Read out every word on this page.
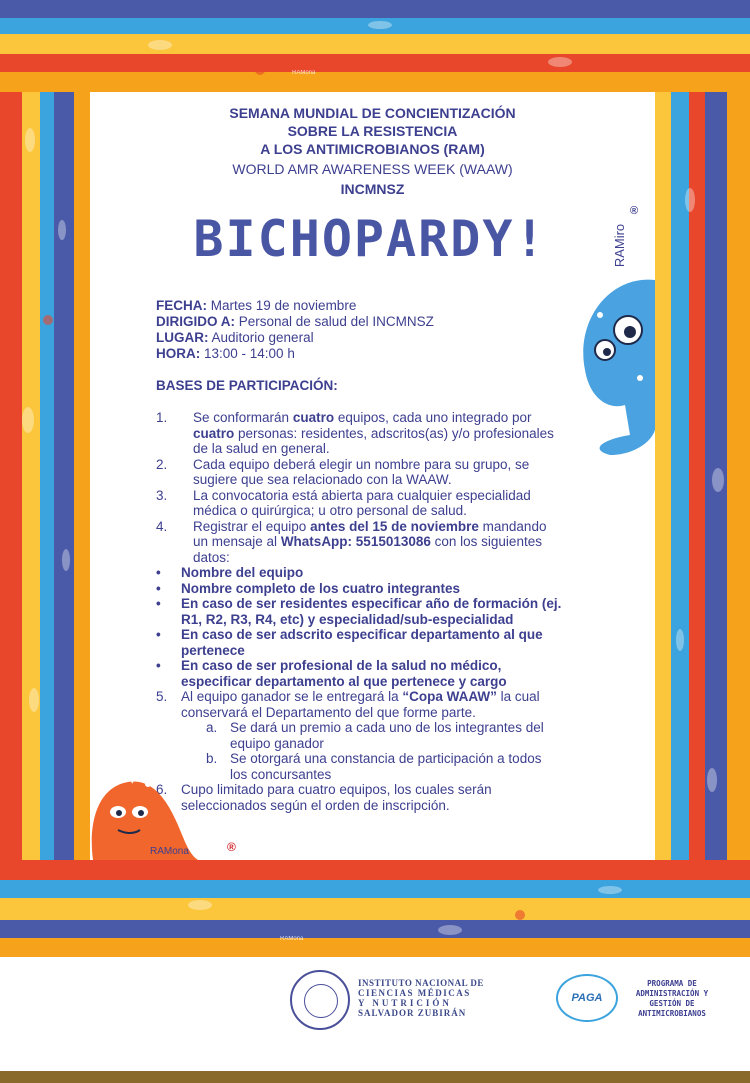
RAMona
RAMona
SEMANA MUNDIAL DE CONCIENTIZACIÓN
SOBRE LA RESISTENCIA
A LOS ANTIMICROBIANOS (RAM)
WORLD AMR AWARENESS WEEK (WAAW)
INCMNSZ
BICHOPARDY!	RAMiro
®
FECHA: Martes 19 de noviembre
DIRIGIDO A: Personal de salud del INCMNSZ
LUGAR: Auditorio general
HORA: 13:00 - 14:00 h
BASES DE PARTICIPACIÓN:
1. Se conformarán cuatro equipos, cada uno integrado por
cuatro personas: residentes, adscritos(as) y/o profesionales
de la salud en general.
2. Cada equipo deberá elegir un nombre para su grupo, se
sugiere que sea relacionado con la WAAW.
3. La convocatoria está abierta para cualquier especialidad
médica o quirúrgica; u otro personal de salud.
4. Registrar el equipo antes del 15 de noviembre mandando
un mensaje al WhatsApp: 5515013086 con los siguientes
datos:
• Nombre del equipo
• Nombre completo de los cuatro integrantes
• En caso de ser residentes especificar año de formación (ej.
R1, R2, R3, R4, etc) y especialidad/sub-especialidad
• En caso de ser adscrito especificar departamento al que
pertenece
• En caso de ser profesional de la salud no médico,
especificar departamento al que pertenece y cargo
5. Al equipo ganador se le entregará la “Copa WAAW” la cual
conservará el Departamento del que forme parte.
a. Se dará un premio a cada uno de los integrantes del
equipo ganador
b. Se otorgará una constancia de participación a todos
los concursantes
6. Cupo limitado para cuatro equipos, los cuales serán
seleccionados según el orden de inscripción.
RAMona	®
INSTITUTO NACIONAL DE
CIENCIAS MÉDICAS
Y NUTRICIÓN
SALVADOR ZUBIRÁN
PAGA
PROGRAMA DE
ADMINISTRACIÓN Y
GESTIÓN DE
ANTIMICROBIANOS
